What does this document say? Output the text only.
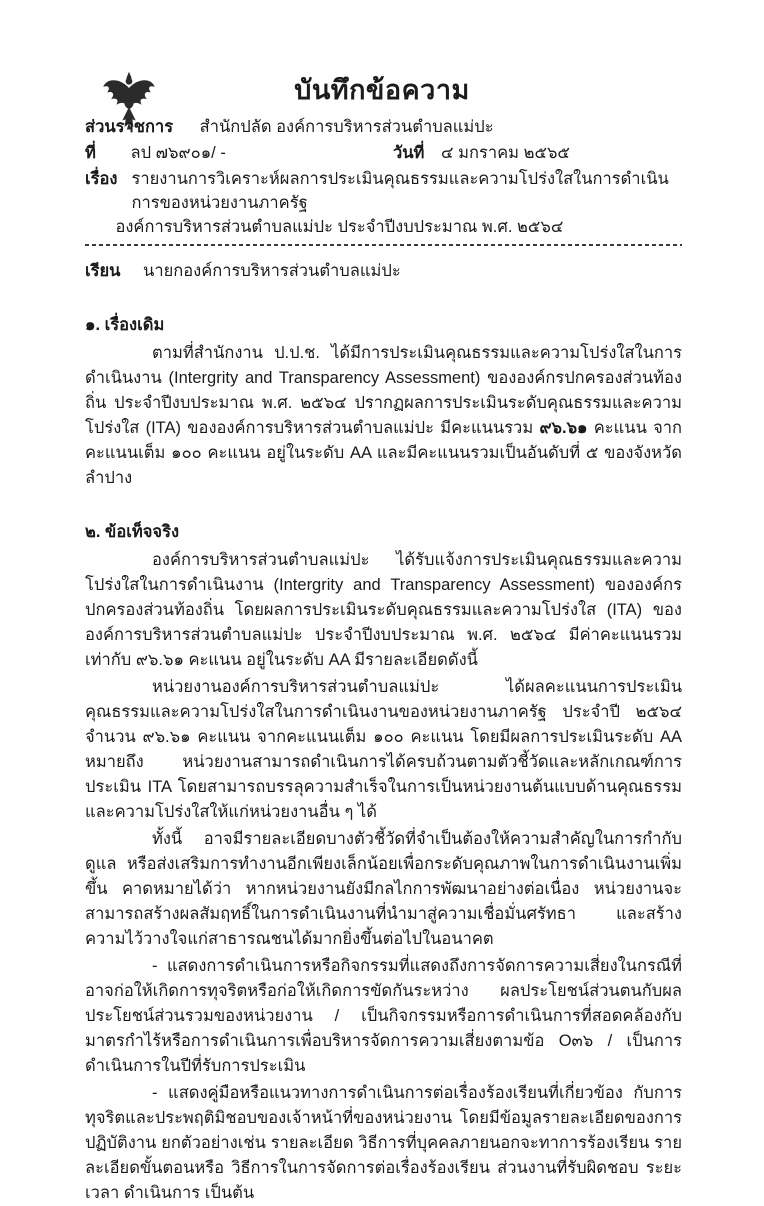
บันทึกข้อความ
ส่วนราชการ สำนักปลัด องค์การบริหารส่วนตำบลแม่ปะ
ที่ ลป ๗๖๙๐๑/ -	วันที่ ๔ มกราคม ๒๕๖๕
เรื่อง รายงานการวิเคราะห์ผลการประเมินคุณธรรมและความโปร่งใสในการดำเนินการของหน่วยงานภาครัฐ
องค์การบริหารส่วนตำบลแม่ปะ ประจำปีงบประมาณ พ.ศ. ๒๕๖๔
เรียน นายกองค์การบริหารส่วนตำบลแม่ปะ
๑. เรื่องเดิม

ตามที่สำนักงาน ป.ป.ช. ได้มีการประเมินคุณธรรมและความโปร่งใสในการดำเนินงาน (Intergrity and Transparency Assessment) ขององค์กรปกครองส่วนท้องถิ่น ประจำปีงบประมาณ พ.ศ. ๒๕๖๔ ปรากฏผลการประเมินระดับคุณธรรมและความโปร่งใส (ITA) ขององค์การบริหารส่วนตำบลแม่ปะ มีคะแนนรวม ๙๖.๖๑ คะแนน จากคะแนนเต็ม ๑๐๐ คะแนน อยู่ในระดับ AA และมีคะแนนรวมเป็นอันดับที่ ๕ ของจังหวัดลำปาง

๒. ข้อเท็จจริง

องค์การบริหารส่วนตำบลแม่ปะ ได้รับแจ้งการประเมินคุณธรรมและความโปร่งใสในการดำเนินงาน (Intergrity and Transparency Assessment) ขององค์กรปกครองส่วนท้องถิ่น โดยผลการประเมินระดับคุณธรรมและความโปร่งใส (ITA) ขององค์การบริหารส่วนตำบลแม่ปะ ประจำปีงบประมาณ พ.ศ. ๒๕๖๔ มีค่าคะแนนรวมเท่ากับ ๙๖.๖๑ คะแนน อยู่ในระดับ AA มีรายละเอียดดังนี้

หน่วยงานองค์การบริหารส่วนตำบลแม่ปะ ได้ผลคะแนนการประเมินคุณธรรมและความโปร่งใสในการดำเนินงานของหน่วยงานภาครัฐ ประจำปี ๒๕๖๔ จำนวน ๙๖.๖๑ คะแนน จากคะแนนเต็ม ๑๐๐ คะแนน โดยมีผลการประเมินระดับ AA หมายถึง หน่วยงานสามารถดำเนินการได้ครบถ้วนตามตัวชี้วัดและหลักเกณฑ์การประเมิน ITA โดยสามารถบรรลุความสำเร็จในการเป็นหน่วยงานต้นแบบด้านคุณธรรมและความโปร่งใสให้แก่หน่วยงานอื่น ๆ ได้

ทั้งนี้ อาจมีรายละเอียดบางตัวชี้วัดที่จำเป็นต้องให้ความสำคัญในการกำกับดูแล หรือส่งเสริมการทำงานอีกเพียงเล็กน้อยเพื่อกระดับคุณภาพในการดำเนินงานเพิ่มขึ้น คาดหมายได้ว่า หากหน่วยงานยังมีกลไกการพัฒนาอย่างต่อเนื่อง หน่วยงานจะสามารถสร้างผลสัมฤทธิ์ในการดำเนินงานที่นำมาสู่ความเชื่อมั่นศรัทธา และสร้างความไว้วางใจแก่สาธารณชนได้มากยิ่งขึ้นต่อไปในอนาคต

- แสดงการดำเนินการหรือกิจกรรมที่แสดงถึงการจัดการความเสี่ยงในกรณีที่อาจก่อให้เกิดการทุจริตหรือก่อให้เกิดการขัดกันระหว่าง ผลประโยชน์ส่วนตนกับผลประโยชน์ส่วนรวมของหน่วยงาน / เป็นกิจกรรมหรือการดำเนินการที่สอดคล้องกับมาตรกำไร้หรือการดำเนินการเพื่อบริหารจัดการความเสี่ยงตามข้อ O๓๖ / เป็นการดำเนินการในปีที่รับการประเมิน

- แสดงคู่มือหรือแนวทางการดำเนินการต่อเรื่องร้องเรียนที่เกี่ยวข้อง กับการทุจริตและประพฤติมิชอบของเจ้าหน้าที่ของหน่วยงาน โดยมีข้อมูลรายละเอียดของการปฏิบัติงาน ยกตัวอย่างเช่น รายละเอียด วิธีการที่บุคคลภายนอกจะทาการร้องเรียน รายละเอียดขั้นตอนหรือ วิธีการในการจัดการต่อเรื่องร้องเรียน ส่วนงานที่รับผิดชอบ ระยะเวลา ดำเนินการ เป็นต้น
